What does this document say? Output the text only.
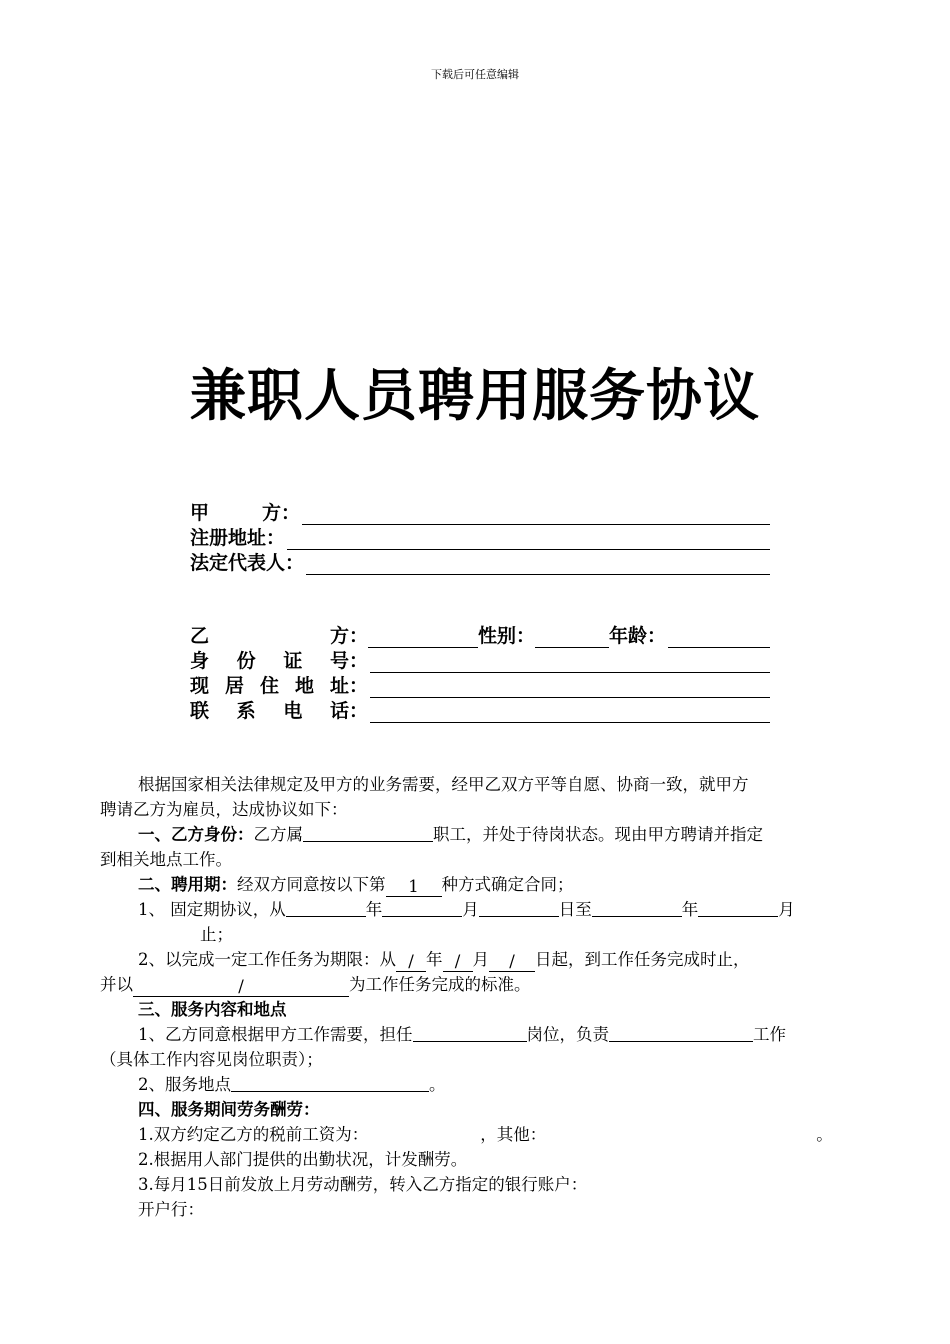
下载后可任意编辑
兼职人员聘用服务协议
甲	方：
注册地址：
法定代表人：
乙	方：	性别：	年龄：
身 份 证 号：
现 居 住 地 址：
联 系 电 话：
根据国家相关法律规定及甲方的业务需要，经甲乙双方平等自愿、协商一致，就甲方
聘请乙方为雇员，达成协议如下：
一、乙方身份：乙方属	职工，并处于待岗状态。现由甲方聘请并指定
到相关地点工作。
二、聘用期：经双方同意按以下第 1 种方式确定合同；
1、 固定期协议，从	年	月	日至	年	月
止；
2、以完成一定工作任务为期限：从 / 年 / 月 / 日起，到工作任务完成时止，
并以	/	为工作任务完成的标准。
三、服务内容和地点
1、乙方同意根据甲方工作需要，担任	岗位，负责	工作
（具体工作内容见岗位职责）；
2、服务地点	。
四、服务期间劳务酬劳：
1.双方约定乙方的税前工资为：	，其他：	。
2.根据用人部门提供的出勤状况，计发酬劳。
3.每月15日前发放上月劳动酬劳，转入乙方指定的银行账户：
开户行：
